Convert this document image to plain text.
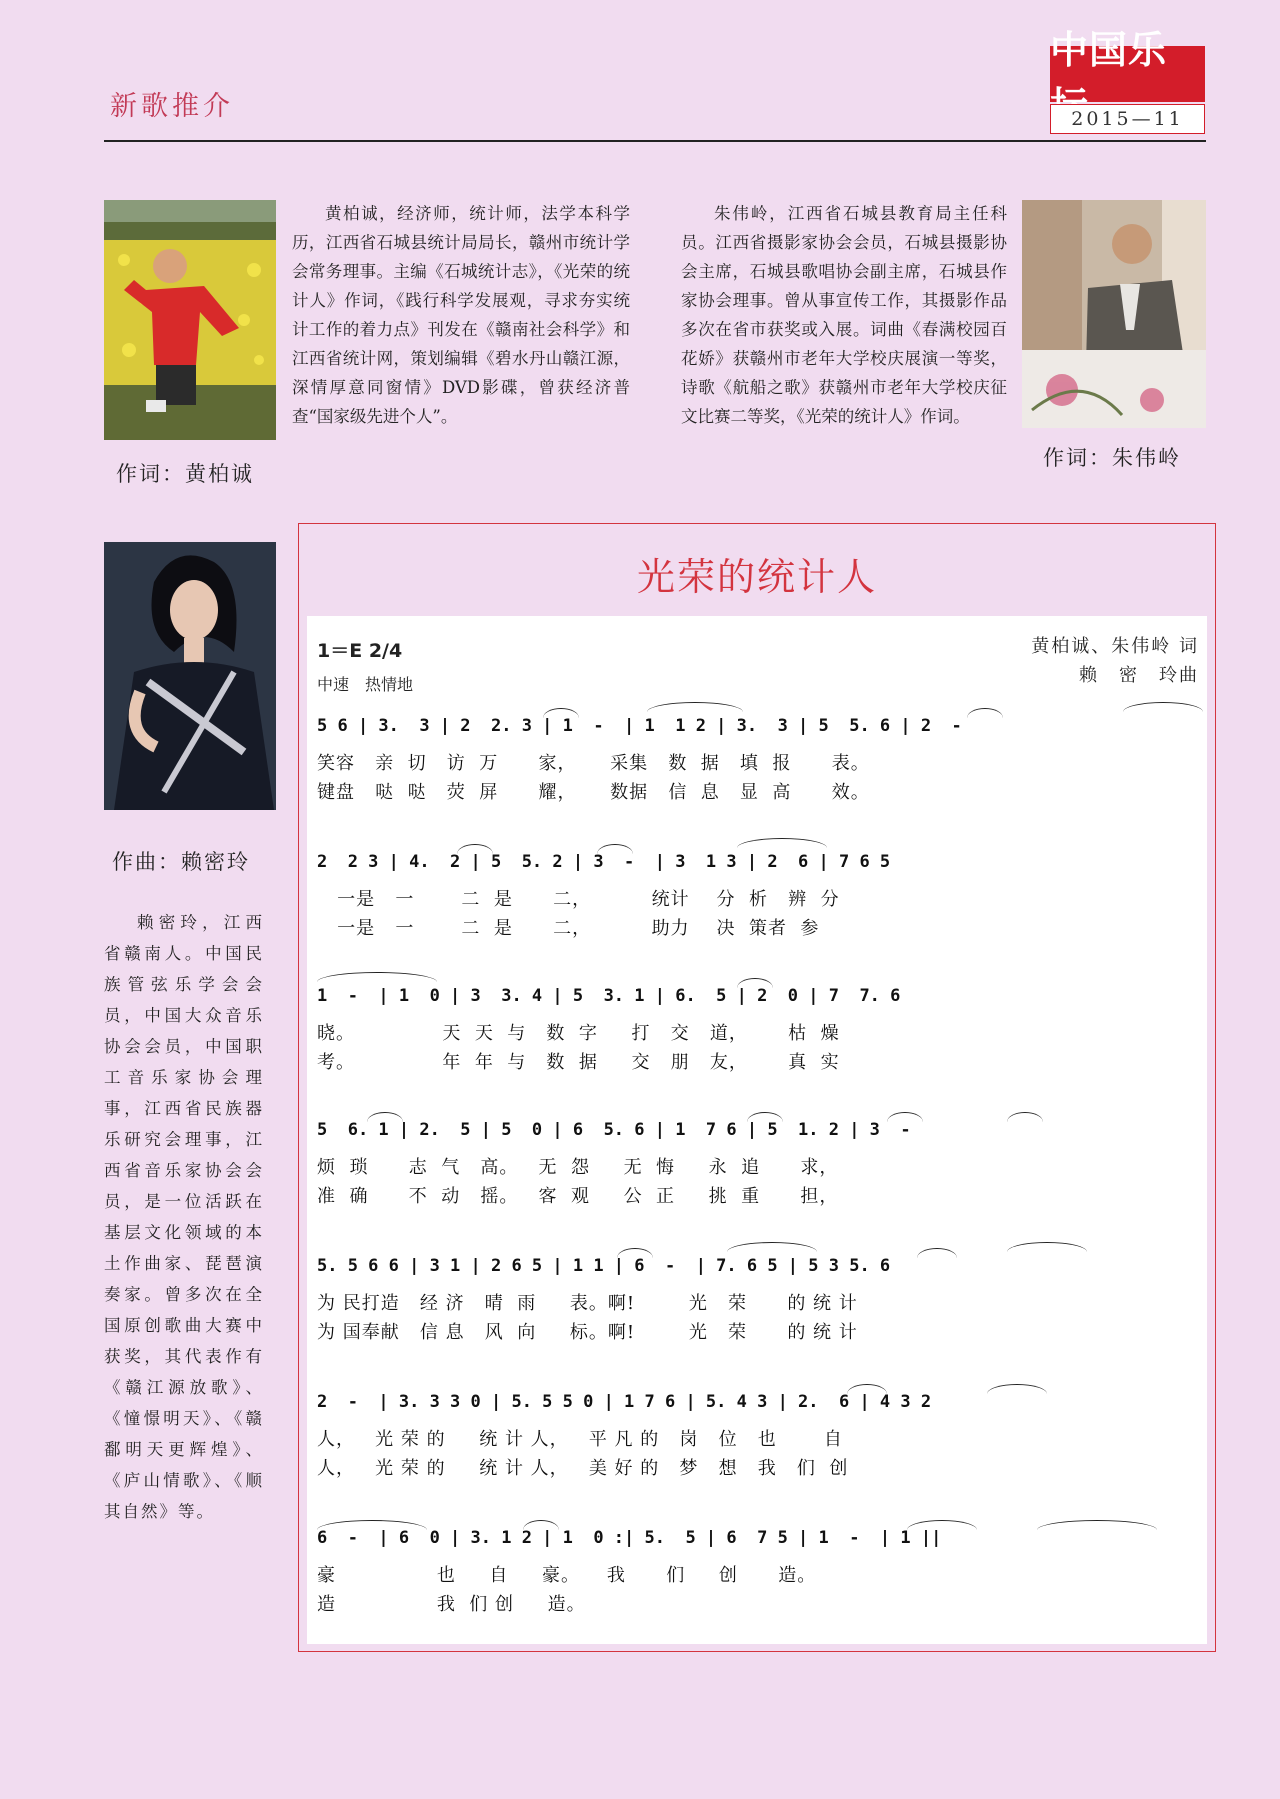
新歌推介
中国乐
2015—11
作词：黄柏诚
黄柏诚，经济师，统计师，法学本科学历，江西省石城县统计局局长，赣州市统计学会常务理事。主编《石城统计志》，《光荣的统计人》作词，《践行科学发展观，寻求夯实统计工作的着力点》刊发在《赣南社会科学》和江西省统计网，策划编辑《碧水丹山赣江源，深情厚意同窗情》DVD影碟，曾获经济普查“国家级先进个人”。
朱伟岭，江西省石城县教育局主任科员。江西省摄影家协会会员，石城县摄影协会主席，石城县歌唱协会副主席，石城县作家协会理事。曾从事宣传工作，其摄影作品多次在省市获奖或入展。词曲《春满校园百花娇》获赣州市老年大学校庆展演一等奖，诗歌《航船之歌》获赣州市老年大学校庆征文比赛二等奖，《光荣的统计人》作词。
作词：朱伟岭
作曲：赖密玲
赖密玲，江西省赣南人。中国民族管弦乐学会会员，中国大众音乐协会会员，中国职工音乐家协会理事，江西省民族器乐研究会理事，江西省音乐家协会会员，是一位活跃在基层文化领域的本土作曲家、琵琶演奏家。曾多次在全国原创歌曲大赛中获奖，其代表作有《赣江源放歌》、《憧憬明天》、《赣鄱明天更辉煌》、《庐山情歌》、《顺其自然》等。
光荣的统计人
1＝E 2/4
中速　热情地
黄柏诚、朱伟岭 词
赖　密　玲曲
5 6 | 3.  3 | 2  2. 3 | 1  -  | 1  1 2 | 3.  3 | 5  5. 6 | 2  -
笑容   亲  切   访  万      家，     采集   数  据   填  报      表。
键盘   哒  哒   荧  屏      耀，     数据   信  息   显  高      效。
2  2 3 | 4.  2 | 5  5. 2 | 3  -  | 3  1 3 | 2  6 | 7 6 5
一是   一       二  是      二，         统计    分  析   辨  分
一是   一       二  是      二，         助力    决  策者  参
1  -  | 1  0 | 3  3. 4 | 5  3. 1 | 6.  5 | 2  0 | 7  7. 6
晓。             天  天  与   数  字     打   交   道，      枯  燥
考。             年  年  与   数  据     交   朋   友，      真  实
5  6. 1 | 2.  5 | 5  0 | 6  5. 6 | 1  7 6 | 5  1. 2 | 3  -
烦  琐      志  气   高。   无  怨     无  悔     永  追      求，
准  确      不  动   摇。   客  观     公  正     挑  重      担，
5. 5 6 6 | 3 1 | 2 6 5 | 1 1 | 6  -  | 7. 6 5 | 5 3 5. 6
为 民打造   经 济   晴  雨     表。啊!        光   荣      的 统 计
为 国奉献   信 息   风  向     标。啊!        光   荣      的 统 计
2  -  | 3. 3 3 0 | 5. 5 5 0 | 1 7 6 | 5. 4 3 | 2.  6 | 4 3 2
人，   光 荣 的     统 计 人，   平 凡 的   岗   位   也       自
人，   光 荣 的     统 计 人，   美 好 的   梦   想   我   们  创
6  -  | 6  0 | 3. 1 2 | 1  0 :| 5.  5 | 6  7 5 | 1  -  | 1 ||
豪               也     自     豪。    我      们     创      造。
造               我  们 创     造。
